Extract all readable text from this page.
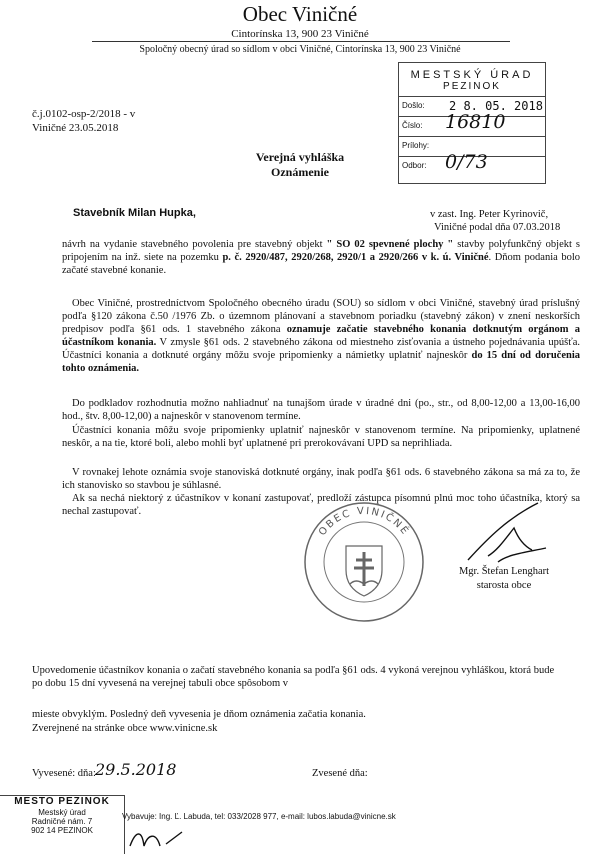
Obec Viničné
Cintorínska 13, 900 23 Viničné
Spoločný obecný úrad so sídlom v obci Viničné, Cintorínska 13, 900 23 Viničné
č.j.0102-osp-2/2018 - v
Viničné 23.05.2018
MESTSKÝ ÚRAD
PEZINOK
Došlo: 2 8. 05. 2018
Číslo: 16810
Prílohy:
Odbor: 0/73
Verejná vyhláška
Oznámenie
Stavebník Milan Hupka,	v zast. Ing. Peter Kyrinovič,
Viničné podal dňa 07.03.2018

návrh na vydanie stavebného povolenia pre stavebný objekt " SO 02 spevnené plochy " stavby polyfunkčný objekt s pripojením na inž. siete na pozemku p. č. 2920/487, 2920/268, 2920/1 a 2920/266 v k. ú. Viničné. Dňom podania bolo začaté stavebné konanie.

Obec Viničné, prostredníctvom Spoločného obecného úradu (SOU) so sídlom v obci Viničné, stavebný úrad príslušný podľa §120 zákona č.50 /1976 Zb. o územnom plánovaní a stavebnom poriadku (stavebný zákon) v znení neskorších predpisov podľa §61 ods. 1 stavebného zákona oznamuje začatie stavebného konania dotknutým orgánom a účastníkom konania. V zmysle §61 ods. 2 stavebného zákona od miestneho zisťovania a ústneho pojednávania upúšťa. Účastníci konania a dotknuté orgány môžu svoje pripomienky a námietky uplatniť najneskôr do 15 dní od doručenia tohto oznámenia.

Do podkladov rozhodnutia možno nahliadnuť na tunajšom úrade v úradné dni (po., str., od 8,00-12,00 a 13,00-16,00 hod., štv. 8,00-12,00) a najneskôr v stanovenom termíne.

Účastníci konania môžu svoje pripomienky uplatniť najneskôr v stanovenom termíne. Na pripomienky, uplatnené neskôr, a na tie, ktoré boli, alebo mohli byť uplatnené pri prerokovávaní UPD sa neprihliada.

V rovnakej lehote oznámia svoje stanoviská dotknuté orgány, inak podľa §61 ods. 6 stavebného zákona sa má za to, že ich stanovisko so stavbou je súhlasné.

Ak sa nechá niektorý z účastníkov v konaní zastupovať, predloží zástupca písomnú plnú moc toho účastníka, ktorý sa nechal zastupovať.

OBEC VINIČNÉ
Mgr. Štefan Lenghart
starosta obce
Upovedomenie účastníkov konania o začatí stavebného konania sa podľa §61 ods. 4 vykoná verejnou vyhláškou, ktorá bude po dobu 15 dní vyvesená na verejnej tabuli obce spôsobom v
mieste obvyklým. Posledný deň vyvesenia je dňom oznámenia začatia konania.
Zverejnené na stránke obce www.vinicne.sk
Vyvesené: dňa: 29.5.2018	Zvesené dňa:
MESTO PEZINOK
Mestský úrad
Radničné nám. 7
902 14 PEZINOK
Vybavuje: Ing. Ľ. Labuda, tel: 033/2028 977, e-mail: lubos.labuda@vinicne.sk
